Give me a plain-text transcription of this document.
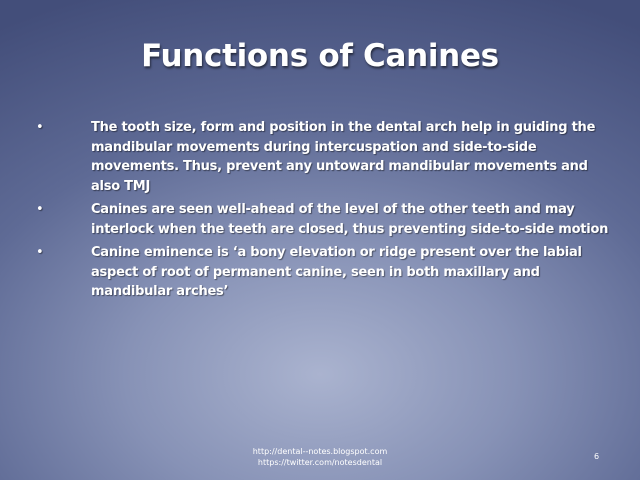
Functions of Canines
•	The tooth size, form and position in the dental arch help in guiding the mandibular movements during intercuspation and side-to-side movements. Thus, prevent any untoward mandibular movements and also TMJ
•	Canines are seen well-ahead of the level of the other teeth and may interlock when the teeth are closed, thus preventing side-to-side motion
•	Canine eminence is ‘a bony elevation or ridge present over the labial aspect of root of permanent canine, seen in both maxillary and mandibular arches’
http://dental--notes.blogspot.com
https://twitter.com/notesdental
6
